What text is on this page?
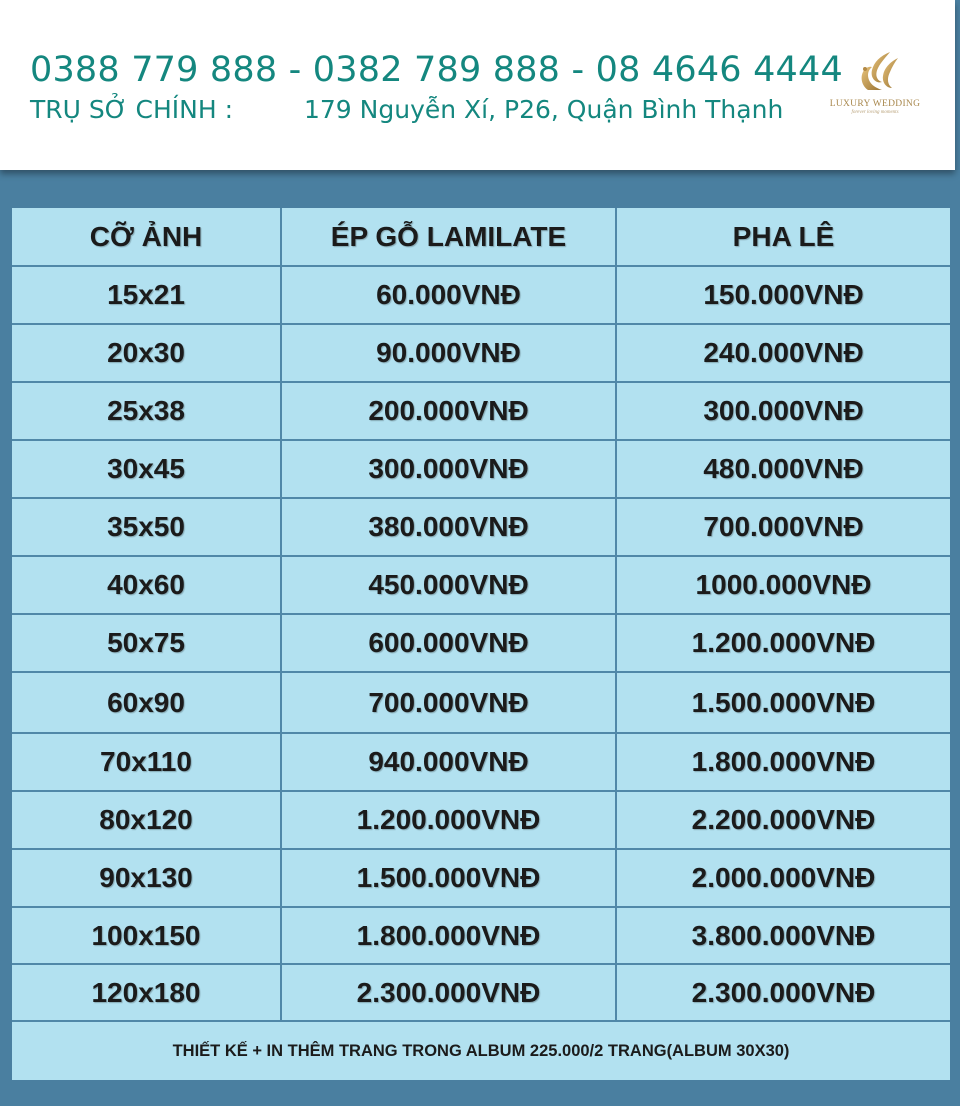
0388 779 888 - 0382 789 888 - 08 4646 4444
TRỤ SỞ CHÍNH :	179 Nguyễn Xí, P26, Quận Bình Thạnh	LUXURY WEDDING
forever loving moments
CỠ ẢNH	ÉP GỖ LAMILATE	PHA LÊ
15x21	60.000VNĐ	150.000VNĐ
20x30	90.000VNĐ	240.000VNĐ
25x38	200.000VNĐ	300.000VNĐ
30x45	300.000VNĐ	480.000VNĐ
35x50	380.000VNĐ	700.000VNĐ
40x60	450.000VNĐ	1000.000VNĐ
50x75	600.000VNĐ	1.200.000VNĐ
60x90	700.000VNĐ	1.500.000VNĐ
70x110	940.000VNĐ	1.800.000VNĐ
80x120	1.200.000VNĐ	2.200.000VNĐ
90x130	1.500.000VNĐ	2.000.000VNĐ
100x150	1.800.000VNĐ	3.800.000VNĐ
120x180	2.300.000VNĐ	2.300.000VNĐ
THIẾT KẾ + IN THÊM TRANG TRONG ALBUM 225.000/2 TRANG(ALBUM 30X30)
